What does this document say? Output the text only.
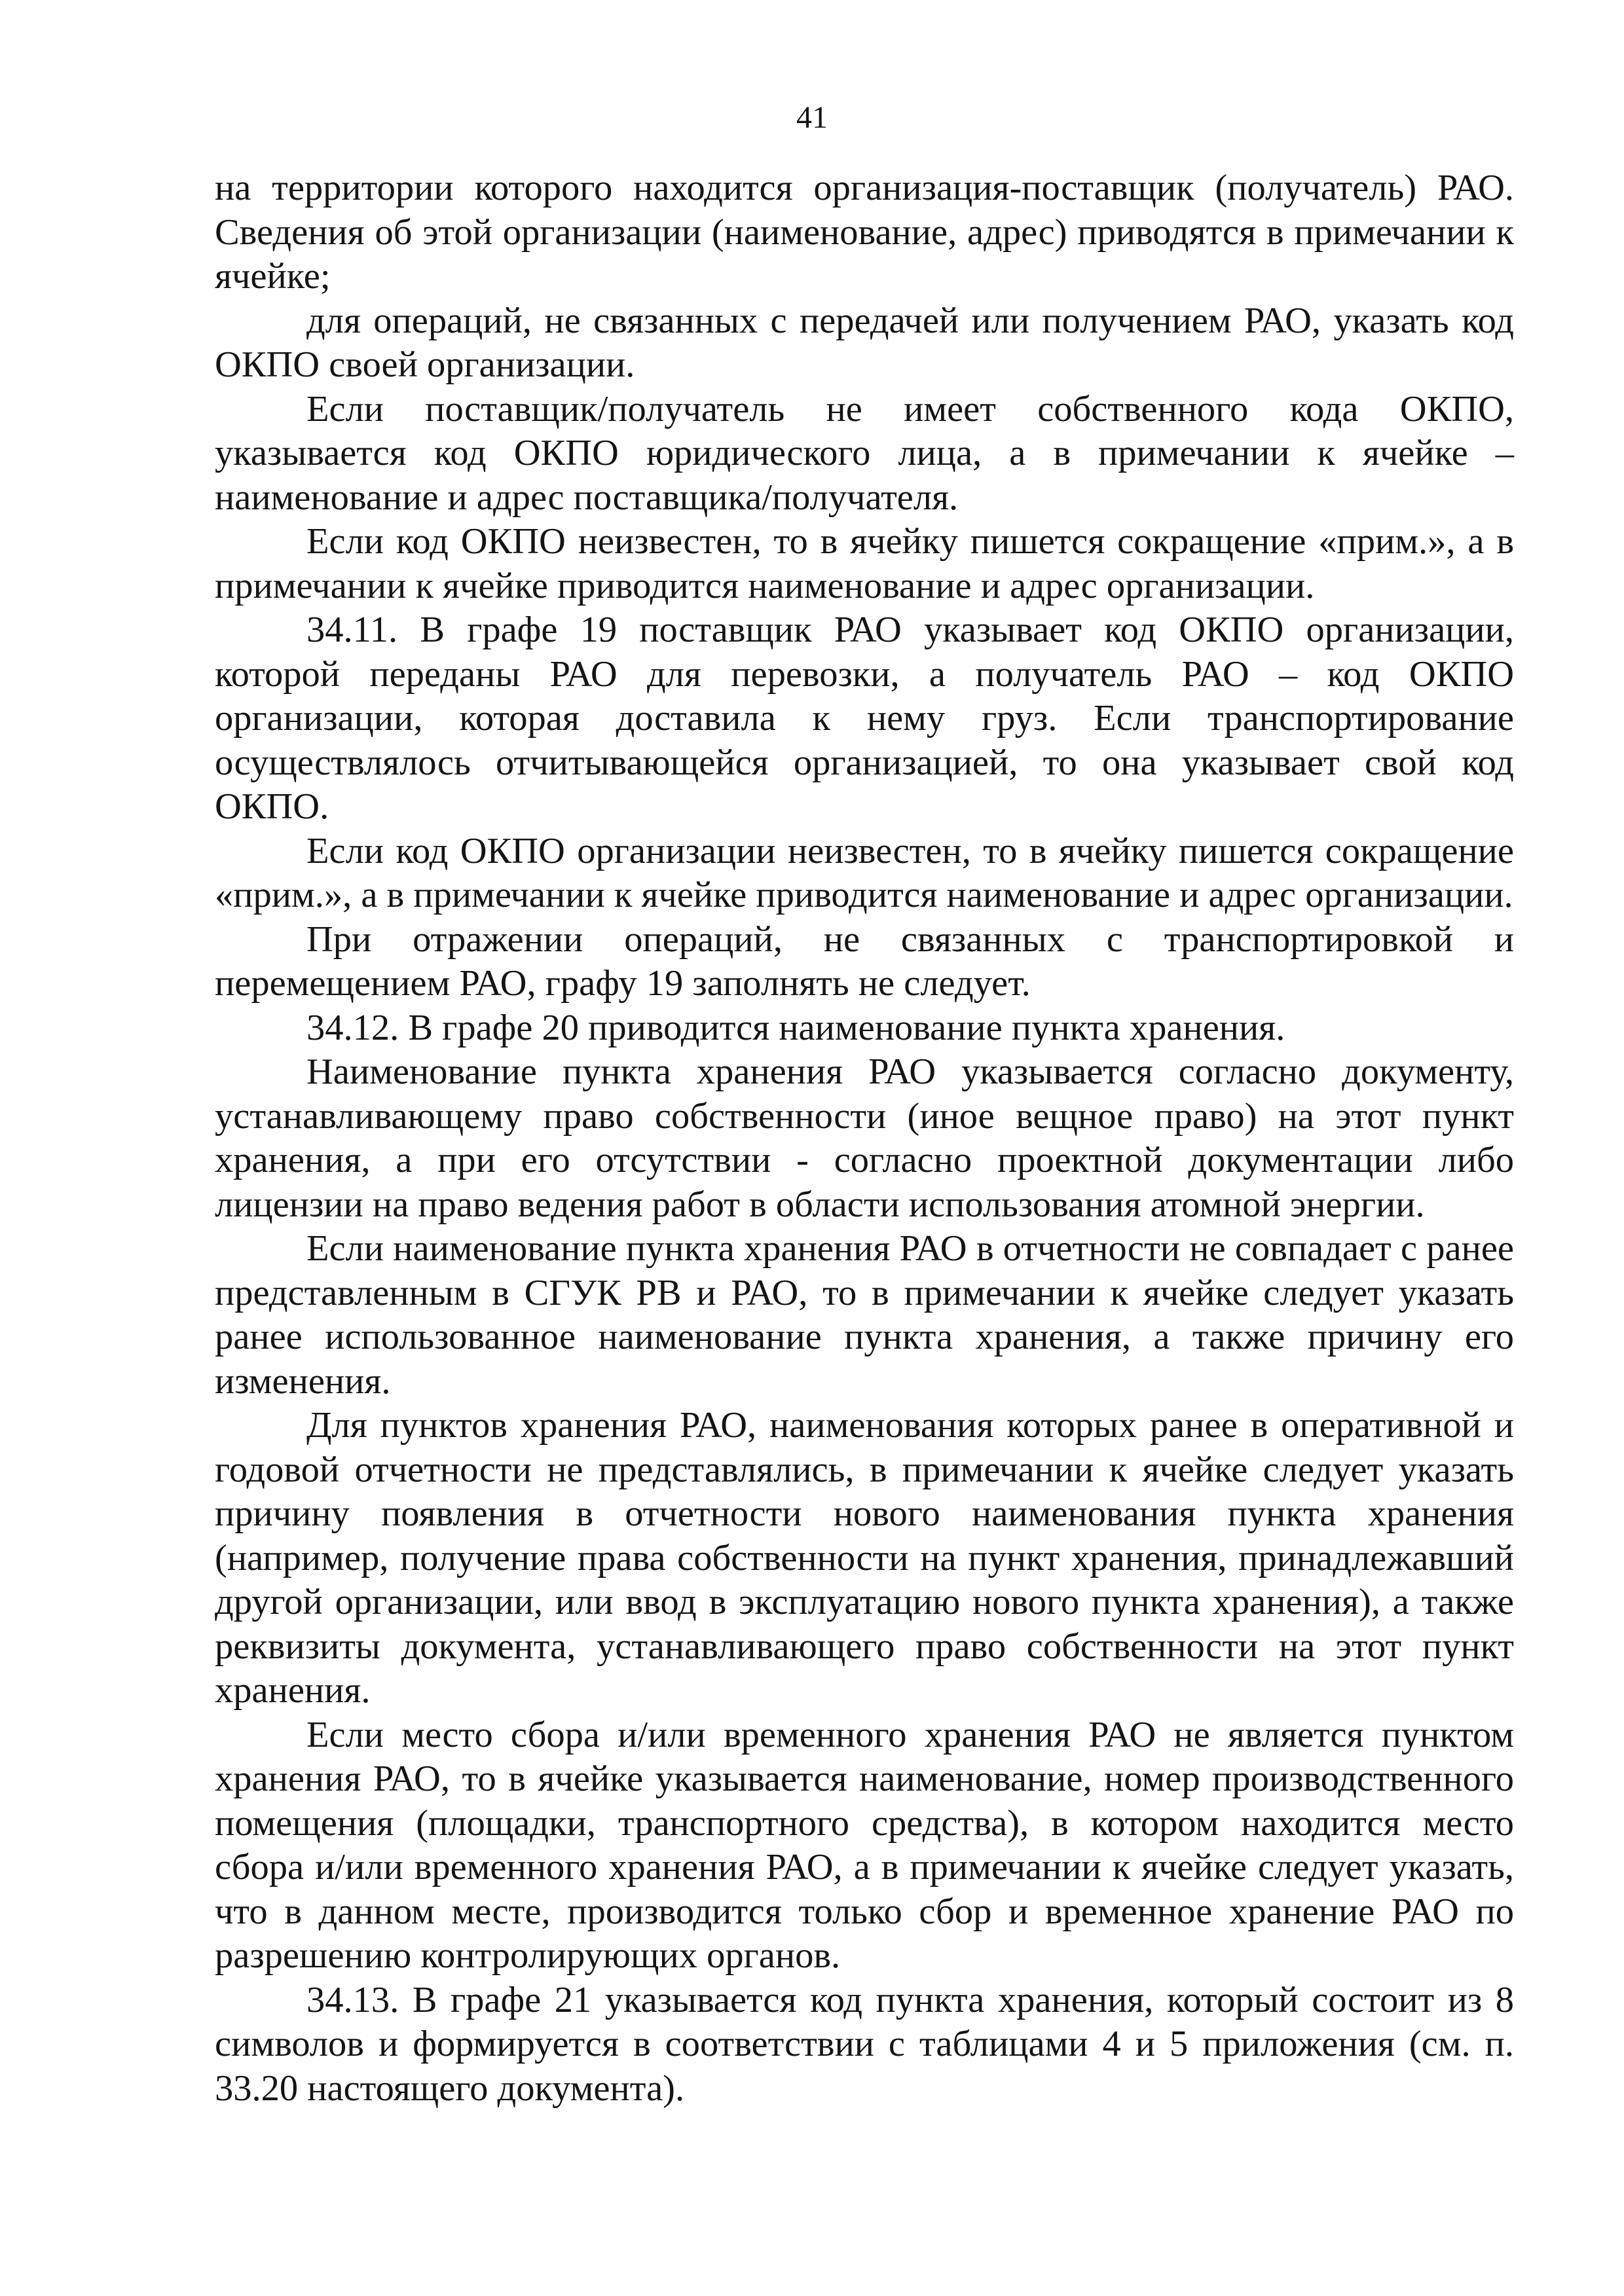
41

на территории которого находится организация-поставщик (получатель) РАО. Сведения об этой организации (наименование, адрес) приводятся в примечании к ячейке;

для операций, не связанных с передачей или получением РАО, указать код ОКПО своей организации.

Если поставщик/получатель не имеет собственного кода ОКПО, указывается код ОКПО юридического лица, а в примечании к ячейке – наименование и адрес поставщика/получателя.

Если код ОКПО неизвестен, то в ячейку пишется сокращение «прим.», а в примечании к ячейке приводится наименование и адрес организации.

34.11. В графе 19 поставщик РАО указывает код ОКПО организации, которой переданы РАО для перевозки, а получатель РАО – код ОКПО организации, которая доставила к нему груз. Если транспортирование осуществлялось отчитывающейся организацией, то она указывает свой код ОКПО.

Если код ОКПО организации неизвестен, то в ячейку пишется сокращение «прим.», а в примечании к ячейке приводится наименование и адрес организации.

При отражении операций, не связанных с транспортировкой и перемещением РАО, графу 19 заполнять не следует.

34.12. В графе 20 приводится наименование пункта хранения.

Наименование пункта хранения РАО указывается согласно документу, устанавливающему право собственности (иное вещное право) на этот пункт хранения, а при его отсутствии - согласно проектной документации либо лицензии на право ведения работ в области использования атомной энергии.

Если наименование пункта хранения РАО в отчетности не совпадает с ранее представленным в СГУК РВ и РАО, то в примечании к ячейке следует указать ранее использованное наименование пункта хранения, а также причину его изменения.

Для пунктов хранения РАО, наименования которых ранее в оперативной и годовой отчетности не представлялись, в примечании к ячейке следует указать причину появления в отчетности нового наименования пункта хранения (например, получение права собственности на пункт хранения, принадлежавший другой организации, или ввод в эксплуатацию нового пункта хранения), а также реквизиты документа, устанавливающего право собственности на этот пункт хранения.

Если место сбора и/или временного хранения РАО не является пунктом хранения РАО, то в ячейке указывается наименование, номер производственного помещения (площадки, транспортного средства), в котором находится место сбора и/или временного хранения РАО, а в примечании к ячейке следует указать, что в данном месте, производится только сбор и временное хранение РАО по разрешению контролирующих органов.

34.13. В графе 21 указывается код пункта хранения, который состоит из 8 символов и формируется в соответствии с таблицами 4 и 5 приложения (см. п. 33.20 настоящего документа).
